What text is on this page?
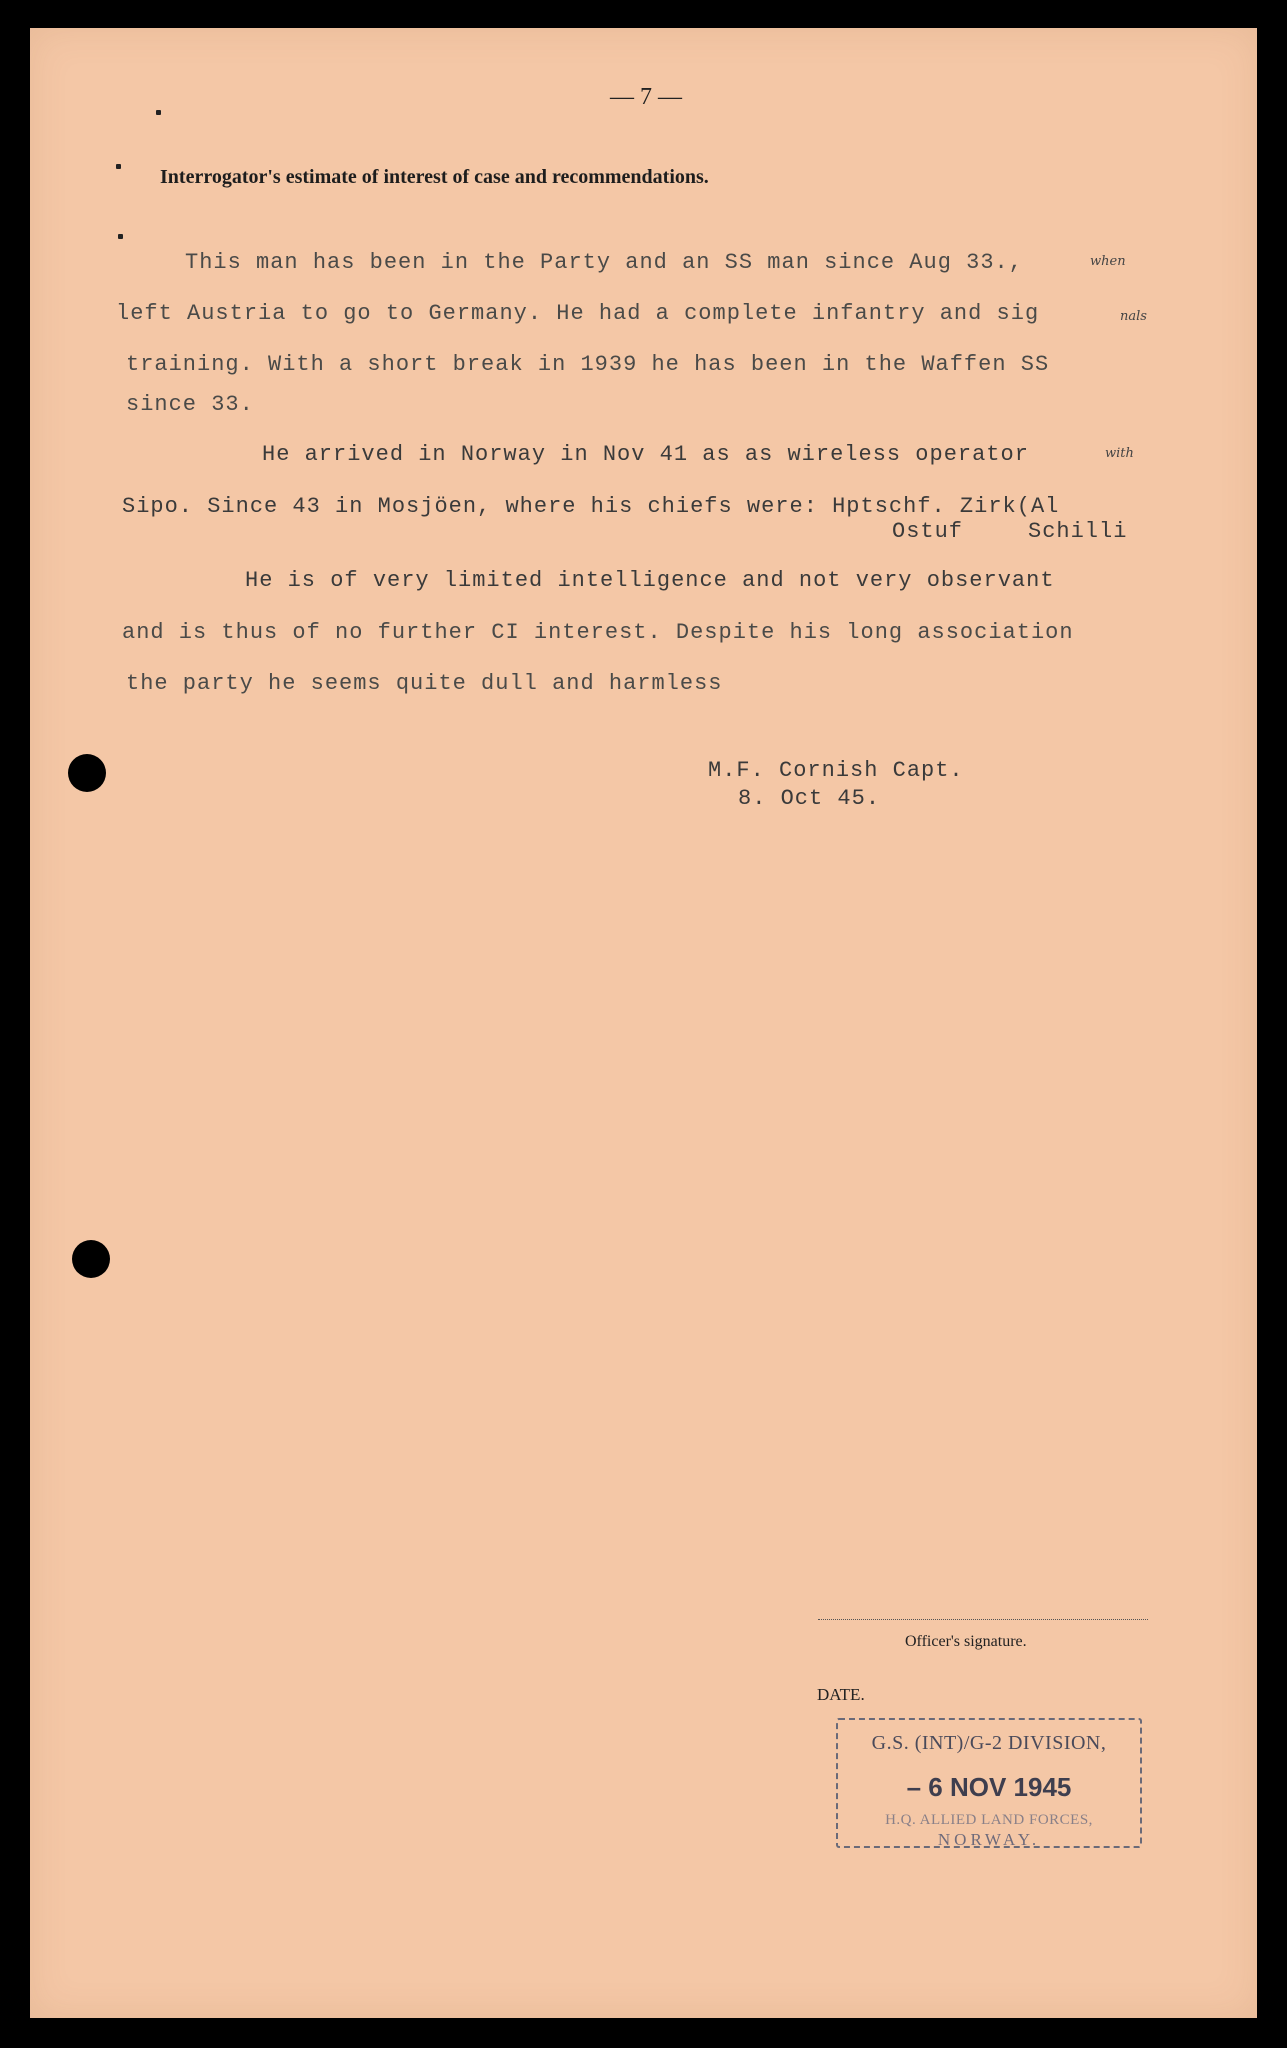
— 7 —
Interrogator's estimate of interest of case and recommendations.
This man has been in the Party and an SS man since Aug 33.,	when
left Austria to go to Germany. He had a complete infantry and sig	nals
training. With a short break in 1939 he has been in the Waffen SS
since 33.
He arrived in Norway in Nov 41 as as wireless operator	with
Sipo. Since 43 in Mosjöen, where his chiefs were: Hptschf. Zirk(Al
Ostuf	Schilli
He is of very limited intelligence and not very observant
and is thus of no further CI interest. Despite his long association
the party he seems quite dull and harmless
M.F. Cornish Capt.
8. Oct 45.
Officer's signature.
DATE.
G.S. (INT)/G-2 DIVISION,
– 6 NOV 1945
H.Q. ALLIED LAND FORCES,
NORWAY.
